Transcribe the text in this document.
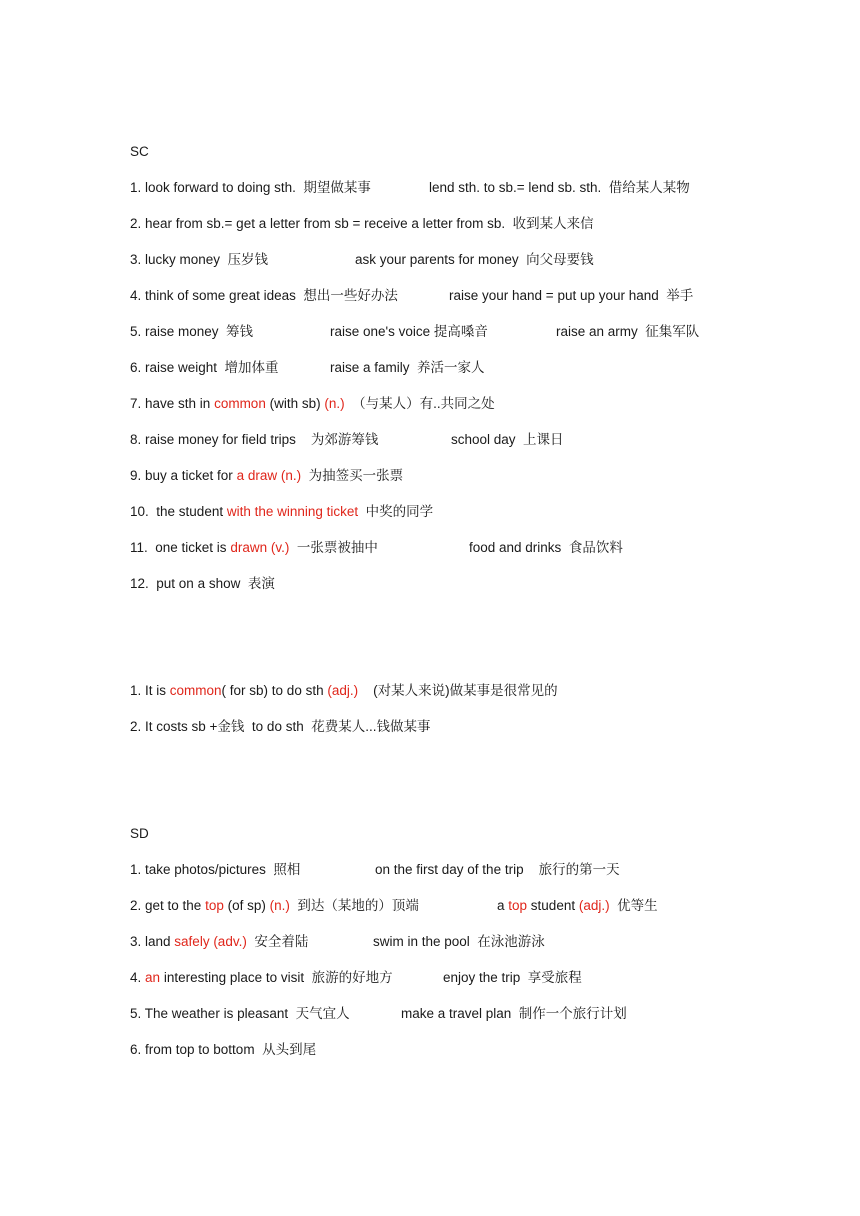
SC
1. look forward to doing sth.  期望做某事	lend sth. to sb.= lend sb. sth.  借给某人某物
2. hear from sb.= get a letter from sb = receive a letter from sb.  收到某人来信
3. lucky money  压岁钱	ask your parents for money  向父母要钱
4. think of some great ideas  想出一些好办法	raise your hand = put up your hand  举手
5. raise money  筹钱	raise one's voice 提高嗓音	raise an army  征集军队
6. raise weight  增加体重	raise a family  养活一家人
7. have sth in common (with sb) (n.)  （与某人）有..共同之处
8. raise money for field trips    为郊游筹钱	school day  上课日
9. buy a ticket for a draw (n.)  为抽签买一张票
10.  the student with the winning ticket  中奖的同学
11.  one ticket is drawn (v.)  一张票被抽中	food and drinks  食品饮料
12.  put on a show  表演
1. It is common( for sb) to do sth (adj.)    (对某人来说)做某事是很常见的
2. It costs sb +金钱  to do sth  花费某人...钱做某事
SD
1. take photos/pictures  照相	on the first day of the trip    旅行的第一天
2. get to the top (of sp) (n.)  到达（某地的）顶端	a top student (adj.)  优等生
3. land safely (adv.)  安全着陆	swim in the pool  在泳池游泳
4. an interesting place to visit  旅游的好地方	enjoy the trip  享受旅程
5. The weather is pleasant  天气宜人	make a travel plan  制作一个旅行计划
6. from top to bottom  从头到尾
